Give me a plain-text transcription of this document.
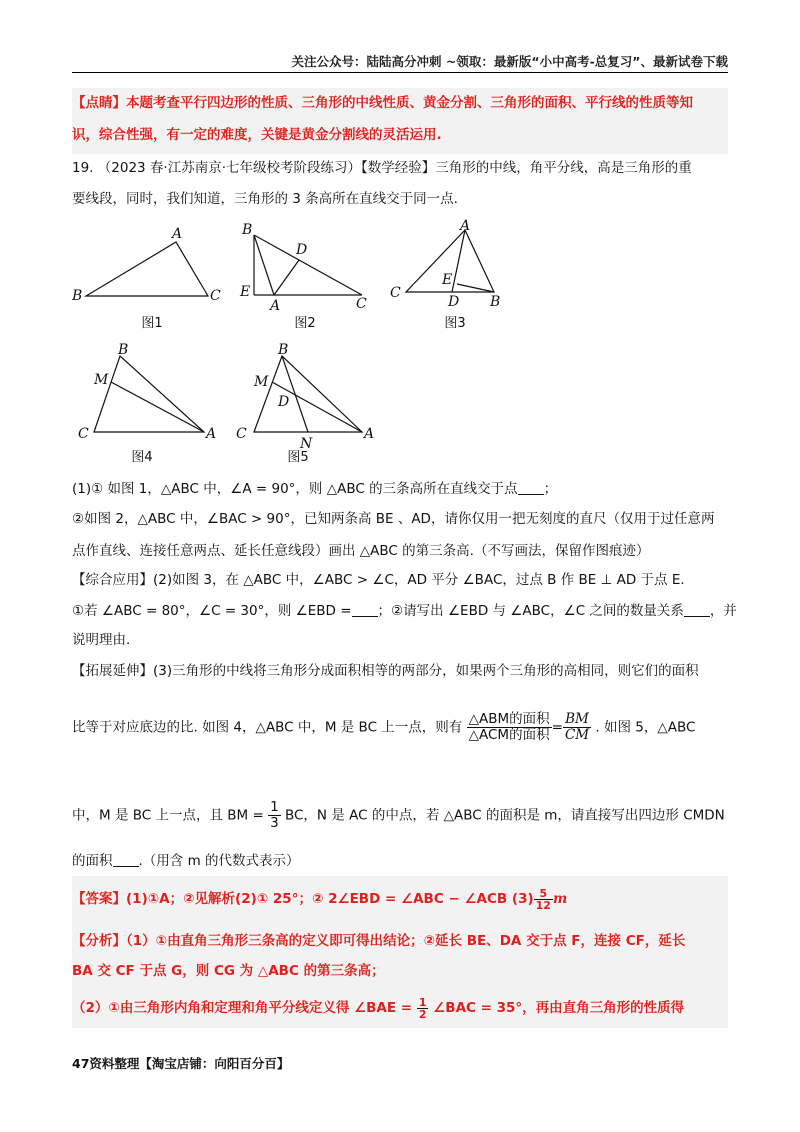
关注公众号：陆陆高分冲刺 ~领取：最新版“小中高考-总复习”、最新试卷下载
【点睛】本题考查平行四边形的性质、三角形的中线性质、黄金分割、三角形的面积、平行线的性质等知
识，综合性强，有一定的难度，关键是黄金分割线的灵活运用.
19. （2023 春·江苏南京·七年级校考阶段练习）【数学经验】三角形的中线，角平分线，高是三角形的重
要线段，同时，我们知道，三角形的 3 条高所在直线交于同一点.
A
B	C
图1
B
D
E
A	C
图2
A
C
E
D B
图3
B
M
C	A
图4
B
M
D
C
N
A
图5
(1)① 如图 1，△ABC 中，∠A = 90°，则 △ABC 的三条高所在直线交于点 ；
②如图 2，△ABC 中，∠BAC > 90°，已知两条高 BE 、AD，请你仅用一把无刻度的直尺（仅用于过任意两
点作直线、连接任意两点、延长任意线段）画出 △ABC 的第三条高.（不写画法，保留作图痕迹）
【综合应用】(2)如图 3，在 △ABC 中，∠ABC > ∠C，AD 平分 ∠BAC，过点 B 作 BE ⊥ AD 于点 E.
①若 ∠ABC = 80°，∠C = 30°，则 ∠EBD = ；②请写出 ∠EBD 与 ∠ABC，∠C 之间的数量关系 ，并
说明理由.
【拓展延伸】(3)三角形的中线将三角形分成面积相等的两部分，如果两个三角形的高相同，则它们的面积
比等于对应底边的比. 如图 4，△ABC 中，M 是 BC 上一点，则有 $\frac{\text{△ABM的面积}}{\text{△ACM的面积}} = \frac{BM}{CM}$ . 如图 5，△ABC
中，M 是 BC 上一点，且 BM = $\frac{1}{3}$ BC，N 是 AC 的中点，若 △ABC 的面积是 m，请直接写出四边形 CMDN
的面积 .（用含 m 的代数式表示）
【答案】(1)①A；②见解析(2)① 25°；② 2∠EBD = ∠ABC − ∠ACB $(3) \frac{5}{12}$ m
【分析】（1）①由直角三角形三条高的定义即可得出结论；②延长 BE、DA 交于点 F，连接 CF，延长
BA 交 CF 于点 G，则 CG 为 △ABC 的第三条高；
（2）①由三角形内角和定理和角平分线定义得 ∠BAE = $\frac{1}{2}$ ∠BAC = 35°，再由直角三角形的性质得
47资料整理【淘宝店铺：向阳百分百】
